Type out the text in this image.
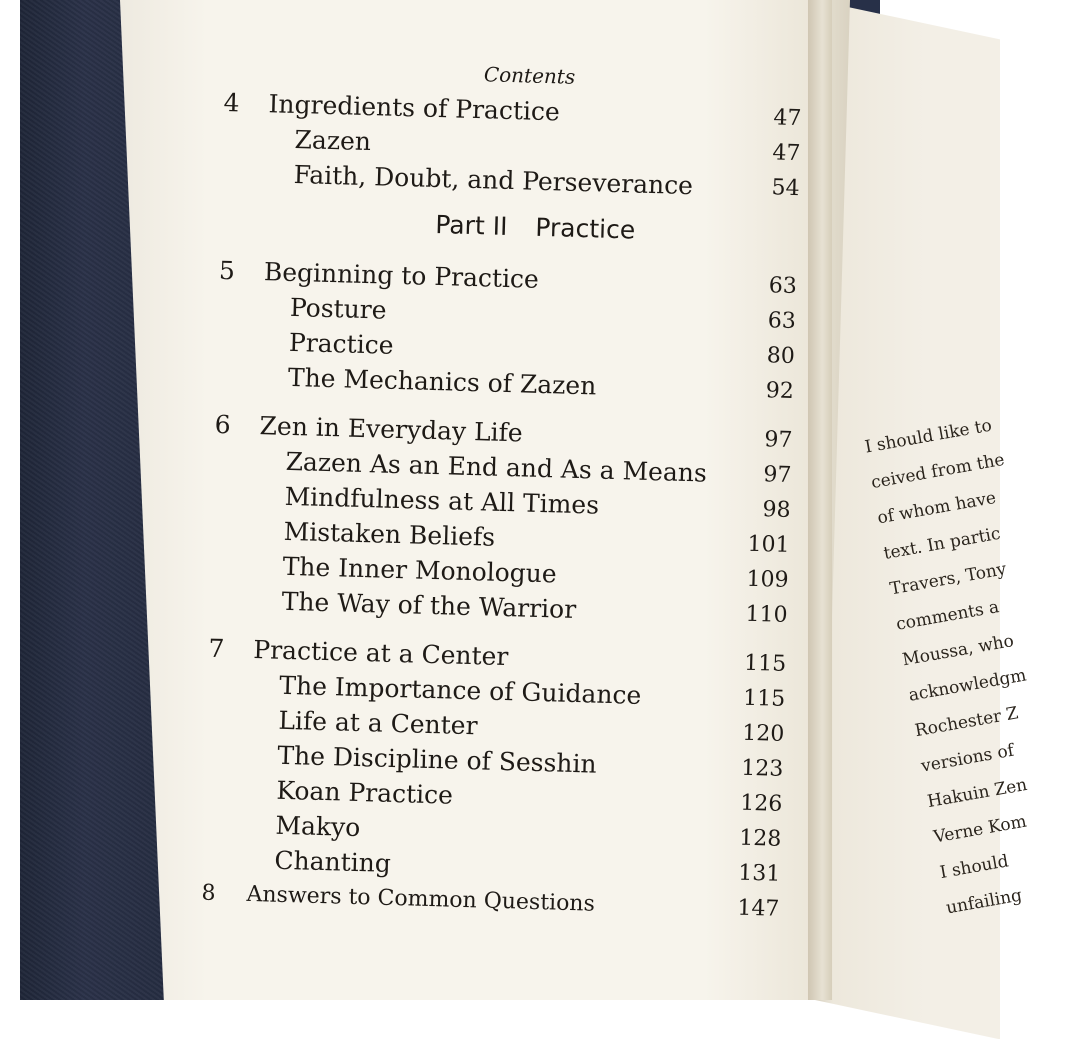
Contents
4	Ingredients of Practice	47
Zazen	47
Faith, Doubt, and Perseverance	54
Part II Practice
5	Beginning to Practice	63
Posture	63
Practice	80
The Mechanics of Zazen	92
6	Zen in Everyday Life	97
Zazen As an End and As a Means	97
Mindfulness at All Times	98
Mistaken Beliefs	101
The Inner Monologue	109
The Way of the Warrior	110
7	Practice at a Center	115
The Importance of Guidance	115
Life at a Center	120
The Discipline of Sesshin	123
Koan Practice	126
Makyo	128
Chanting	131
8	Answers to Common Questions	147
I should like to
ceived from the
of whom have
text. In partic
Travers, Tony
comments a
Moussa, who
acknowledgm
Rochester Z
versions of
Hakuin Zen
Verne Kom
I should
unfailing
